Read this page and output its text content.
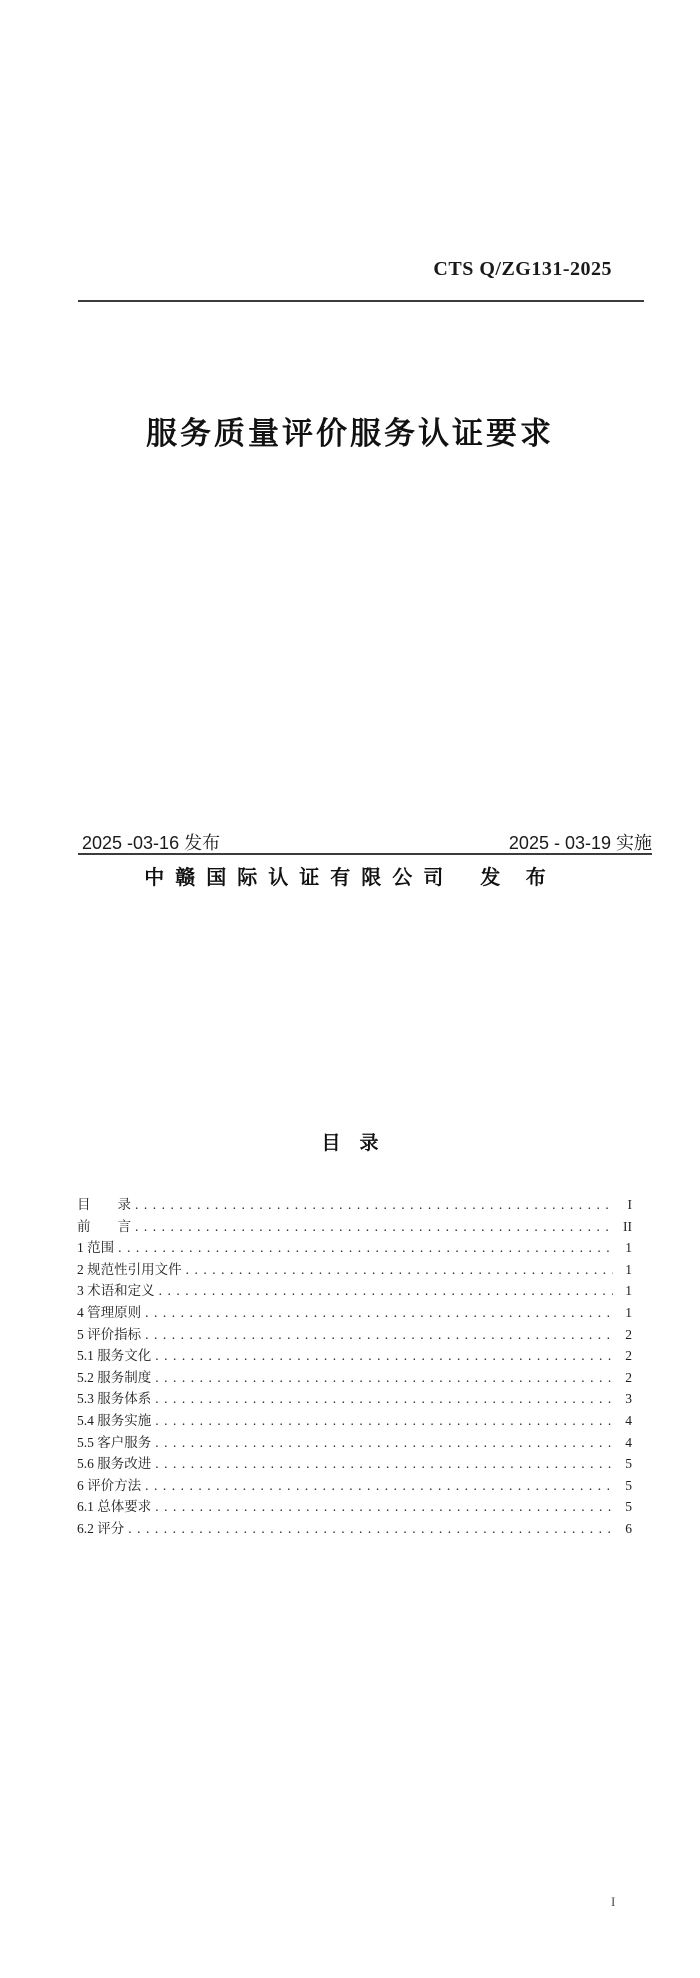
CTS Q/ZG131-2025
服务质量评价服务认证要求
2025 -03-16 发布	2025 - 03-19 实施
中赣国际认证有限公司 发 布
目　录
目　　录 .....	I
前　　言 .....	II
1 范围 .....	1
2 规范性引用文件 .....	1
3 术语和定义 .....	1
4 管理原则 .....	1
5 评价指标 .....	2
5.1 服务文化 .....	2
5.2 服务制度 .....	2
5.3 服务体系 .....	3
5.4 服务实施 .....	4
5.5 客户服务 .....	4
5.6 服务改进 .....	5
6 评价方法 .....	5
6.1 总体要求 .....	5
6.2 评分 .....	6
I
